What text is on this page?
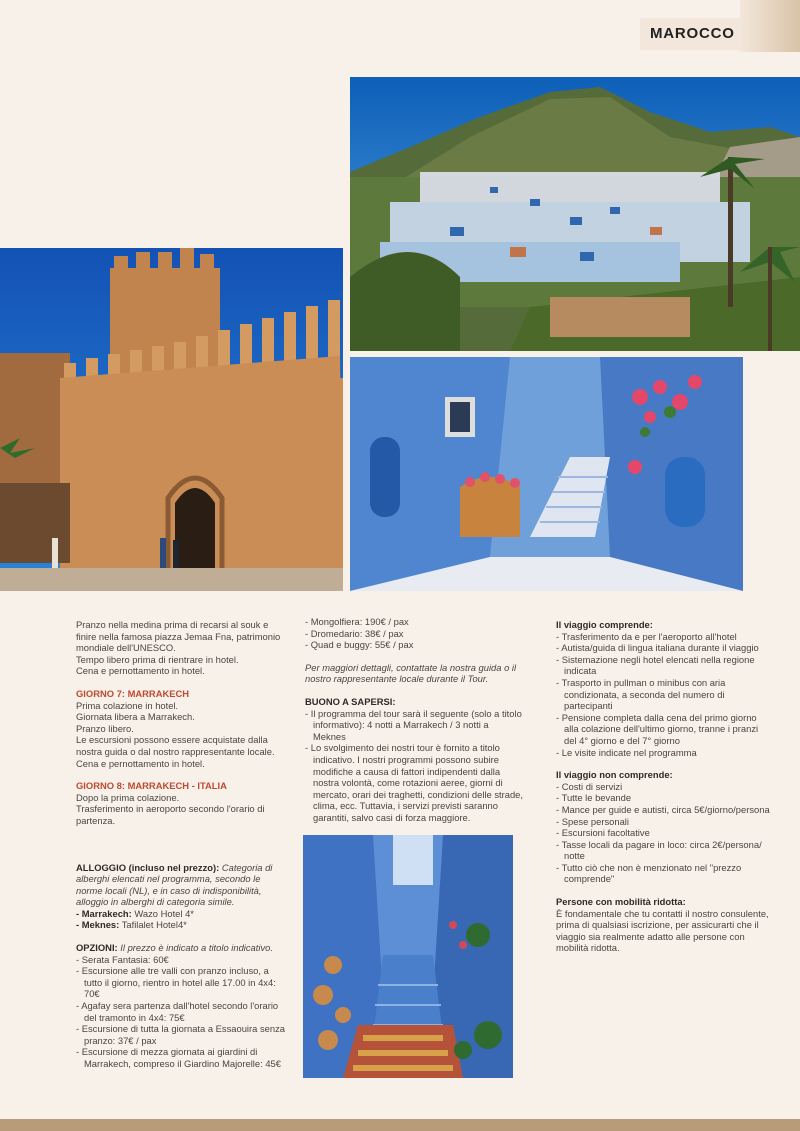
MAROCCO

Pranzo nella medina prima di recarsi al souk e finire nella famosa piazza Jemaa Fna, patrimonio mondiale dell'UNESCO.

Tempo libero prima di rientrare in hotel.

Cena e pernottamento in hotel.

GIORNO 7: MARRAKECH

Prima colazione in hotel.

Giornata libera a Marrakech.

Pranzo libero.

Le escursioni possono essere acquistate dalla nostra guida o dal nostro rappresentante locale.

Cena e pernottamento in hotel.

GIORNO 8: MARRAKECH - ITALIA

Dopo la prima colazione.

Trasferimento in aeroporto secondo l'orario di partenza.

ALLOGGIO (incluso nel prezzo): Categoria di alberghi elencati nel programma, secondo le norme locali (NL), e in caso di indisponibilità, alloggio in alberghi di categoria simile.

- Marrakech: Wazo Hotel 4*

- Meknes: Tafilalet Hotel4*

OPZIONI: Il prezzo è indicato a titolo indicativo.

- Serata Fantasia: 60€
- Escursione alle tre valli con pranzo incluso, a tutto il giorno, rientro in hotel alle 17.00 in 4x4: 70€
- Agafay sera partenza dall'hotel secondo l'orario del tramonto in 4x4: 75€
- Escursione di tutta la giornata a Essaouira senza pranzo: 37€ / pax
- Escursione di mezza giornata ai giardini di Marrakech, compreso il Giardino Majorelle: 45€
- Mongolfiera: 190€ / pax
- Dromedario: 38€ / pax
- Quad e buggy: 55€ / pax

Per maggiori dettagli, contattate la nostra guida o il nostro rappresentante locale durante il Tour.

BUONO A SAPERSI:

- Il programma del tour sarà il seguente (solo a titolo informativo): 4 notti a Marrakech / 3 notti a Meknes
- Lo svolgimento dei nostri tour è fornito a titolo indicativo. I nostri programmi possono subire modifiche a causa di fattori indipendenti dalla nostra volontà, come rotazioni aeree, giorni di mercato, orari dei traghetti, condizioni delle strade, clima, ecc. Tuttavia, i servizi previsti saranno garantiti, salvo casi di forza maggiore.

Il viaggio comprende:

- Trasferimento da e per l'aeroporto all'hotel
- Autista/guida di lingua italiana durante il viaggio
- Sistemazione negli hotel elencati nella regione indicata
- Trasporto in pullman o minibus con aria condizionata, a seconda del numero di partecipanti
- Pensione completa dalla cena del primo giorno alla colazione dell'ultimo giorno, tranne i pranzi del 4° giorno e del 7° giorno
- Le visite indicate nel programma

Il viaggio non comprende:

- Costi di servizi
- Tutte le bevande
- Mance per guide e autisti, circa 5€/giorno/persona
- Spese personali
- Escursioni facoltative
- Tasse locali da pagare in loco: circa 2€/persona/ notte
- Tutto ciò che non è menzionato nel "prezzo comprende"

Persone con mobilità ridotta:

È fondamentale che tu contatti il nostro consulente, prima di qualsiasi iscrizione, per assicurarti che il viaggio sia realmente adatto alle persone con mobilità ridotta.
